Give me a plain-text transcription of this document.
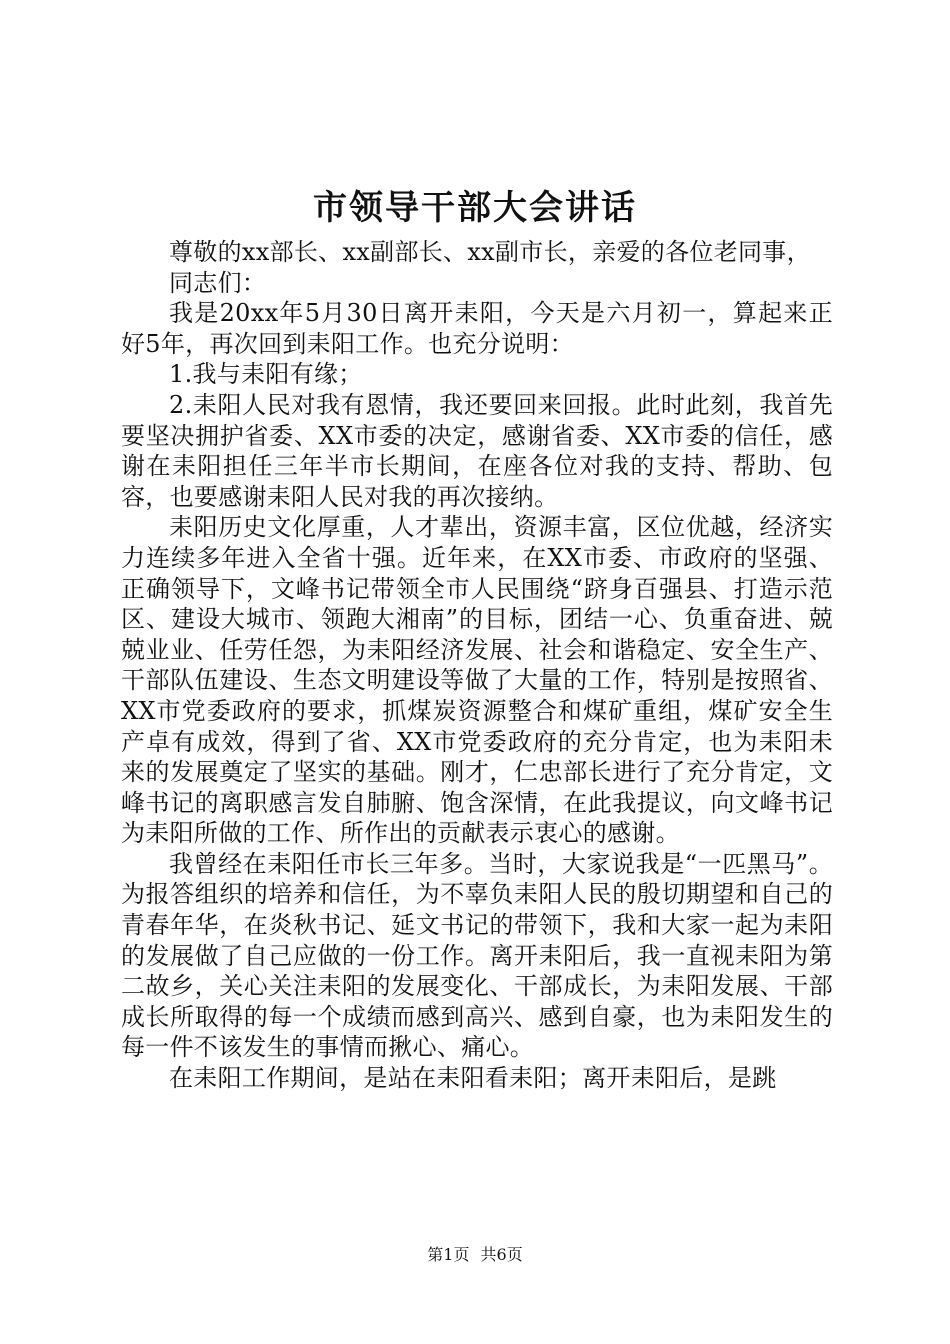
市领导干部大会讲话

尊敬的xx部长、xx副部长、xx副市长，亲爱的各位老同事，

同志们：

我是20xx年5月30日离开耒阳，今天是六月初一，算起来正好5年，再次回到耒阳工作。也充分说明：

1.我与耒阳有缘；

2.耒阳人民对我有恩情，我还要回来回报。此时此刻，我首先要坚决拥护省委、XX市委的决定，感谢省委、XX市委的信任，感谢在耒阳担任三年半市长期间，在座各位对我的支持、帮助、包容，也要感谢耒阳人民对我的再次接纳。

耒阳历史文化厚重，人才辈出，资源丰富，区位优越，经济实力连续多年进入全省十强。近年来，在XX市委、市政府的坚强、正确领导下，文峰书记带领全市人民围绕“跻身百强县、打造示范区、建设大城市、领跑大湘南”的目标，团结一心、负重奋进、兢兢业业、任劳任怨，为耒阳经济发展、社会和谐稳定、安全生产、干部队伍建设、生态文明建设等做了大量的工作，特别是按照省、XX市党委政府的要求，抓煤炭资源整合和煤矿重组，煤矿安全生产卓有成效，得到了省、XX市党委政府的充分肯定，也为耒阳未来的发展奠定了坚实的基础。刚才，仁忠部长进行了充分肯定，文峰书记的离职感言发自肺腑、饱含深情，在此我提议，向文峰书记为耒阳所做的工作、所作出的贡献表示衷心的感谢。

我曾经在耒阳任市长三年多。当时，大家说我是“一匹黑马”。为报答组织的培养和信任，为不辜负耒阳人民的殷切期望和自己的青春年华，在炎秋书记、延文书记的带领下，我和大家一起为耒阳的发展做了自己应做的一份工作。离开耒阳后，我一直视耒阳为第二故乡，关心关注耒阳的发展变化、干部成长，为耒阳发展、干部成长所取得的每一个成绩而感到高兴、感到自豪，也为耒阳发生的每一件不该发生的事情而揪心、痛心。

在耒阳工作期间，是站在耒阳看耒阳；离开耒阳后，是跳

第1页 共6页
